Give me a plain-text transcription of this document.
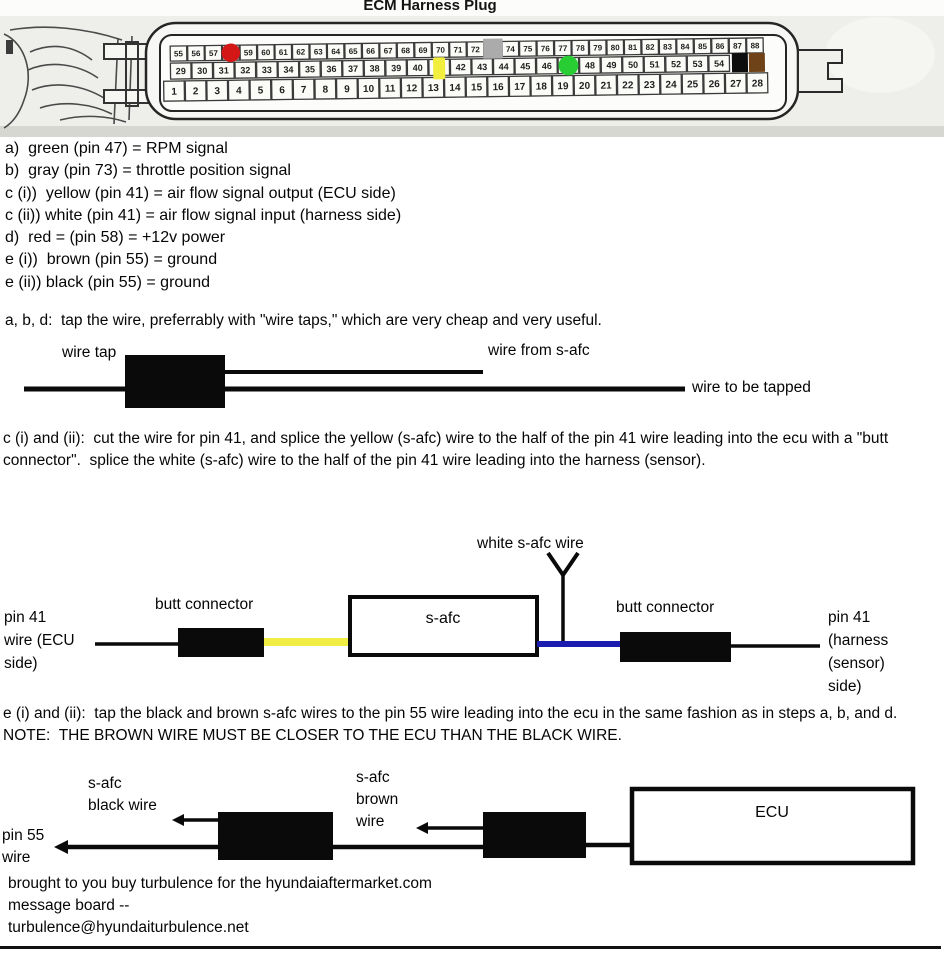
ECM Harness Plug
55 56 57	59 60 61 62 63 64 65 66 67 68 69 70 71 72	74 75 76 77 78 79 80 81 82 83 84 85 86 87 88
29 30 31 32 33 34 35 36 37 38 39 40	42 43 44 45 46	48 49 50 51 52 53 54
1 2 3 4 5 6 7 8 9 10 11 12 13 14 15 16 17 18 19 20 21 22 23 24 25 26 27 28
a)  green (pin 47) = RPM signal
b)  gray (pin 73) = throttle position signal
c (i))  yellow (pin 41) = air flow signal output (ECU side)
c (ii)) white (pin 41) = air flow signal input (harness side)
d)  red = (pin 58) = +12v power
e (i))  brown (pin 55) = ground
e (ii)) black (pin 55) = ground
a, b, d:  tap the wire, preferrably with "wire taps," which are very cheap and very useful.
wire tap	wire from s-afc
wire to be tapped
c (i) and (ii):  cut the wire for pin 41, and splice the yellow (s-afc) wire to the half of the pin 41 wire leading into the ecu with a "butt connector".  splice the white (s-afc) wire to the half of the pin 41 wire leading into the harness (sensor).
white s-afc wire
butt connector	butt connector
pin 41
wire (ECU
side)
s-afc	pin 41
(harness
(sensor)
side)
e (i) and (ii):  tap the black and brown s-afc wires to the pin 55 wire leading into the ecu in the same fashion as in steps a, b, and d.  NOTE:  THE BROWN WIRE MUST BE CLOSER TO THE ECU THAN THE BLACK WIRE.
s-afc
black wire
s-afc
brown
wire
pin 55
wire
ECU
brought to you buy turbulence for the hyundaiaftermarket.com
message board --
turbulence@hyundaiturbulence.net
